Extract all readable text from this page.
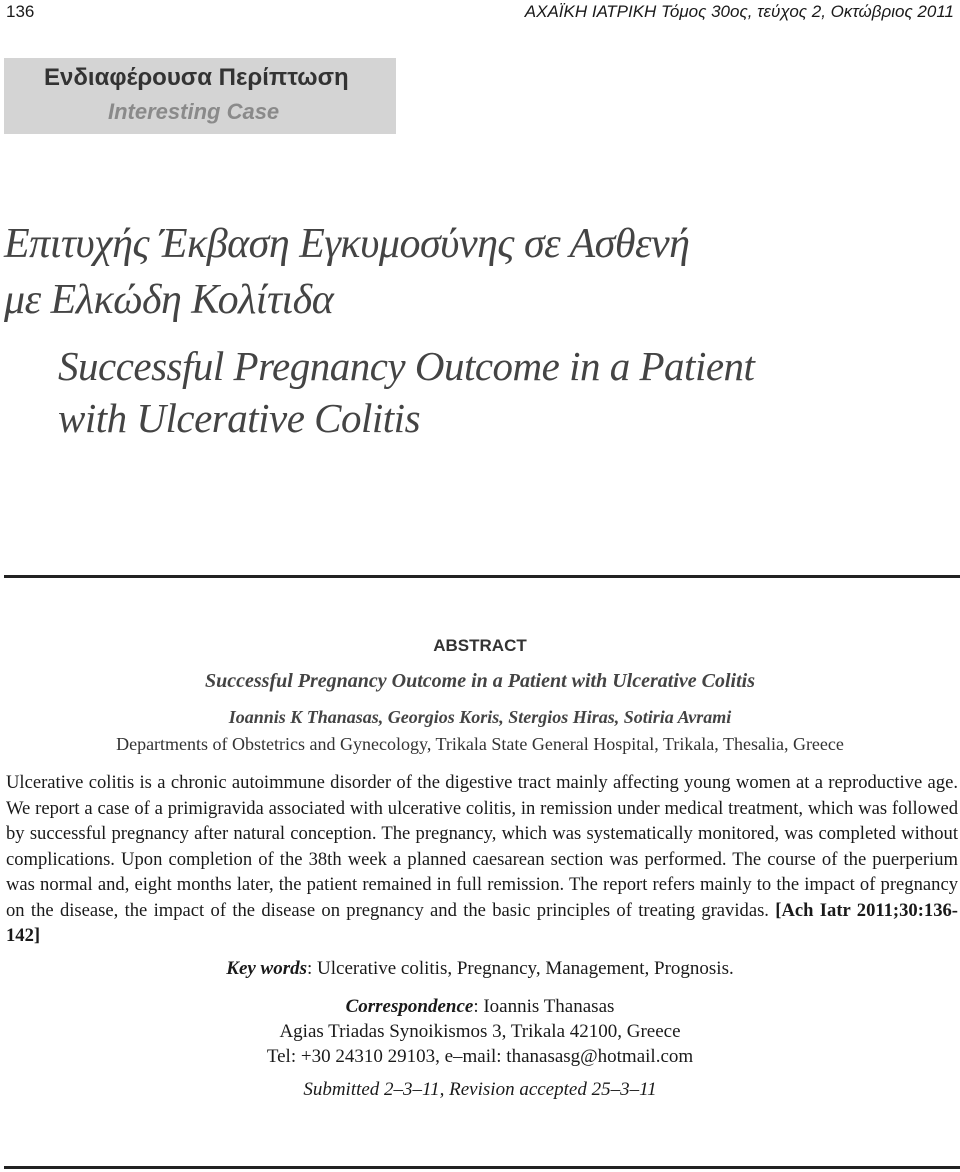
136	ΑΧΑΪΚΗ ΙΑΤΡΙΚΗ Τόμος 30ος, τεύχος 2, Οκτώβριος 2011
Ενδιαφέρουσα Περίπτωση
Interesting Case
Επιτυχής Έκβαση Εγκυμοσύνης σε Ασθενή
με Ελκώδη Κολίτιδα
Successful Pregnancy Outcome in a Patient
with Ulcerative Colitis
ABSTRACT
Successful Pregnancy Outcome in a Patient with Ulcerative Colitis
Ioannis K Thanasas, Georgios Koris, Stergios Hiras, Sotiria Avrami
Departments of Obstetrics and Gynecology, Trikala State General Hospital, Trikala, Thesalia, Greece
Ulcerative colitis is a chronic autoimmune disorder of the digestive tract mainly affecting young women at a reproductive age. We report a case of a primigravida associated with ulcerative colitis, in remission under medical treatment, which was followed by successful pregnancy after natural conception. The pregnancy, which was systematically monitored, was completed without complications. Upon completion of the 38th week a planned caesarean section was performed. The course of the puerperium was normal and, eight months later, the patient remained in full remission. The report refers mainly to the impact of pregnancy on the disease, the impact of the disease on pregnancy and the basic principles of treating gravidas. [Ach Iatr 2011;30:136-142]
Key words: Ulcerative colitis, Pregnancy, Management, Prognosis.
Correspondence: Ioannis Thanasas
Agias Triadas Synoikismos 3, Trikala 42100, Greece
Tel: +30 24310 29103, e–mail: thanasasg@hotmail.com
Submitted 2–3–11, Revision accepted 25–3–11
